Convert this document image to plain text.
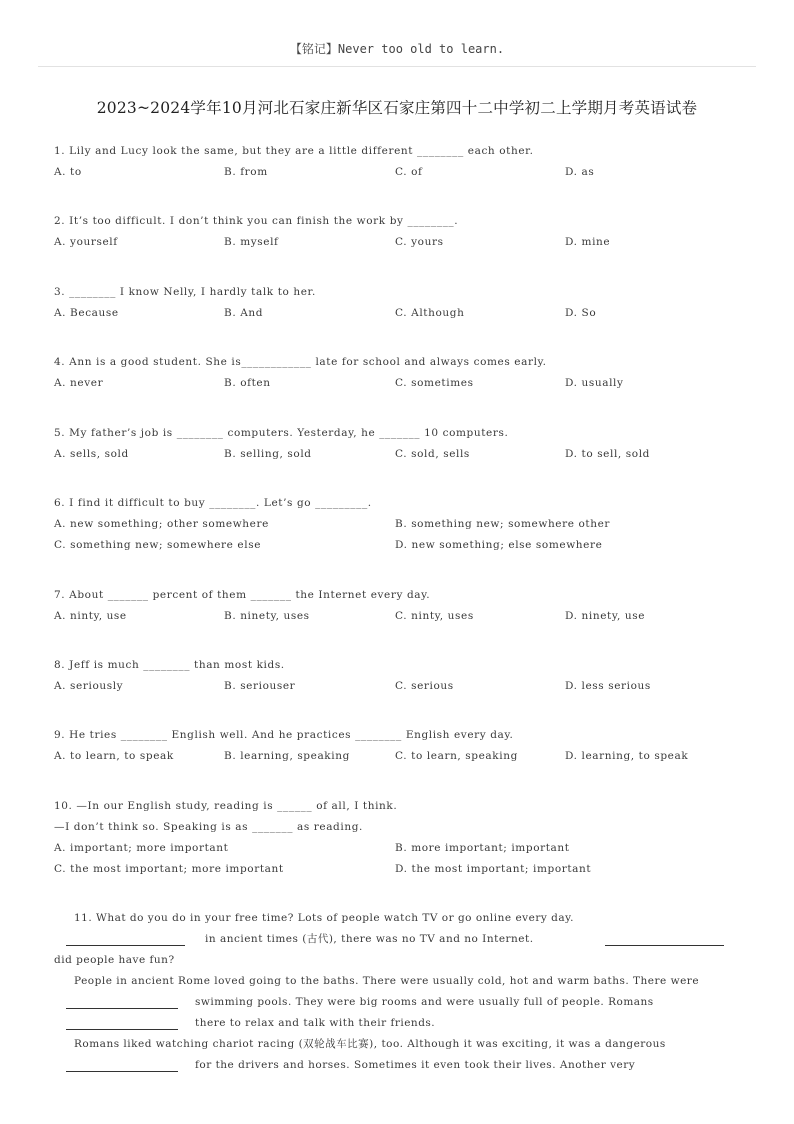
【铭记】Never too old to learn.
2023~2024学年10月河北石家庄新华区石家庄第四十二中学初二上学期月考英语试卷
1. Lily and Lucy look the same, but they are a little different ________ each other.
A. to	B. from	C. of	D. as
2. It’s too difficult. I don’t think you can finish the work by ________.
A. yourself	B. myself	C. yours	D. mine
3. ________ I know Nelly, I hardly talk to her.
A. Because	B. And	C. Although	D. So
4. Ann is a good student. She is____________ late for school and always comes early.
A. never	B. often	C. sometimes	D. usually
5. My father’s job is ________ computers. Yesterday, he _______ 10 computers.
A. sells, sold	B. selling, sold	C. sold, sells	D. to sell, sold
6. I find it difficult to buy ________. Let’s go _________.
A. new something; other somewhere	B. something new; somewhere other
C. something new; somewhere else	D. new something; else somewhere
7. About _______ percent of them _______ the Internet every day.
A. ninty, use	B. ninety, uses	C. ninty, uses	D. ninety, use
8. Jeff is much ________ than most kids.
A. seriously	B. seriouser	C. serious	D. less serious
9. He tries ________ English well. And he practices ________ English every day.
A. to learn, to speak	B. learning, speaking	C. to learn, speaking	D. learning, to speak
10. —In our English study, reading is ______ of all, I think.
—I don’t think so. Speaking is as _______ as reading.
A. important; more important	B. more important; important
C. the most important; more important	D. the most important; important

11. What do you do in your free time? Lots of people watch TV or go online every day.

in ancient times (古代), there was no TV and no Internet.

did people have fun?

People in ancient Rome loved going to the baths. There were usually cold, hot and warm baths. There were

swimming pools. They were big rooms and were usually full of people. Romans

there to relax and talk with their friends.

Romans liked watching chariot racing (双轮战车比赛), too. Although it was exciting, it was a dangerous

for the drivers and horses. Sometimes it even took their lives. Another very
